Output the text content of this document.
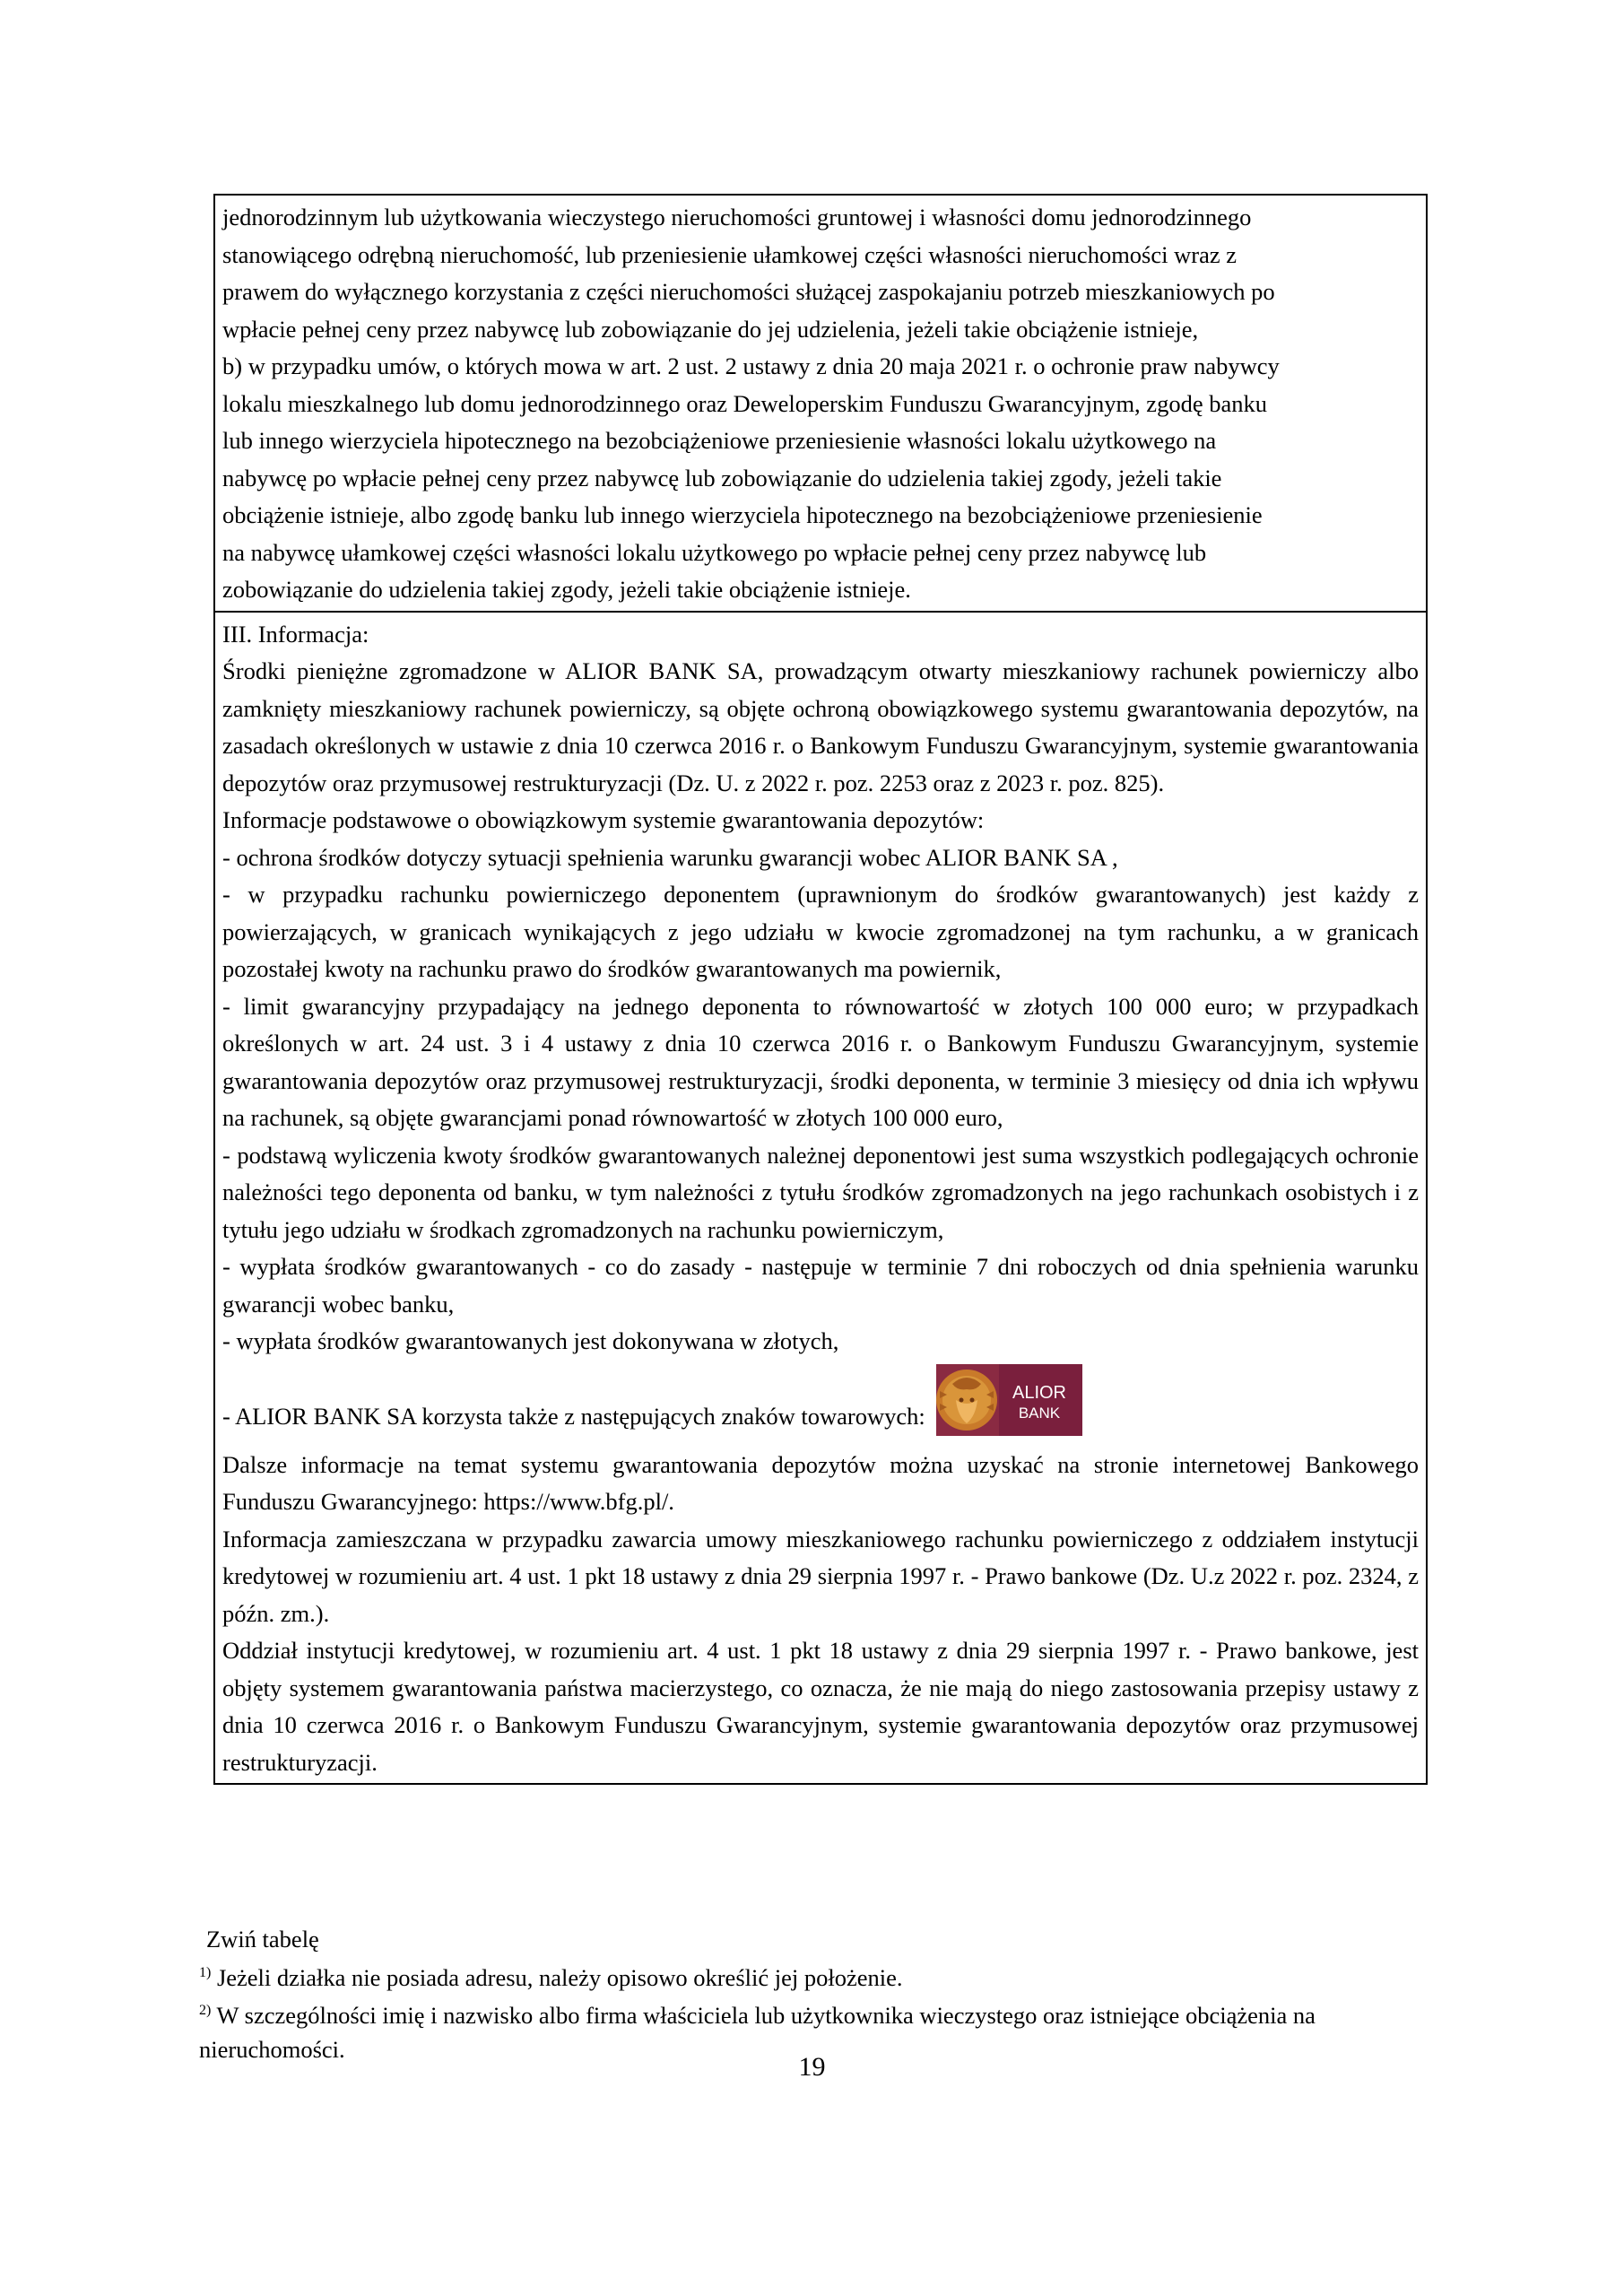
jednorodzinnym lub użytkowania wieczystego nieruchomości gruntowej i własności domu jednorodzinnego

stanowiącego odrębną nieruchomość, lub przeniesienie ułamkowej części własności nieruchomości wraz z

prawem do wyłącznego korzystania z części nieruchomości służącej zaspokajaniu potrzeb mieszkaniowych po

wpłacie pełnej ceny przez nabywcę lub zobowiązanie do jej udzielenia, jeżeli takie obciążenie istnieje,

b) w przypadku umów, o których mowa w art. 2 ust. 2 ustawy z dnia 20 maja 2021 r. o ochronie praw nabywcy

lokalu mieszkalnego lub domu jednorodzinnego oraz Deweloperskim Funduszu Gwarancyjnym, zgodę banku

lub innego wierzyciela hipotecznego na bezobciążeniowe przeniesienie własności lokalu użytkowego na

nabywcę po wpłacie pełnej ceny przez nabywcę lub zobowiązanie do udzielenia takiej zgody, jeżeli takie

obciążenie istnieje, albo zgodę banku lub innego wierzyciela hipotecznego na bezobciążeniowe przeniesienie

na nabywcę ułamkowej części własności lokalu użytkowego po wpłacie pełnej ceny przez nabywcę lub

zobowiązanie do udzielenia takiej zgody, jeżeli takie obciążenie istnieje.

III. Informacja:

Środki pieniężne zgromadzone w ALIOR BANK SA, prowadzącym otwarty mieszkaniowy rachunek powierniczy albo zamknięty mieszkaniowy rachunek powierniczy, są objęte ochroną obowiązkowego systemu gwarantowania depozytów, na zasadach określonych w ustawie z dnia 10 czerwca 2016 r. o Bankowym Funduszu Gwarancyjnym, systemie gwarantowania depozytów oraz przymusowej restrukturyzacji (Dz. U. z 2022 r. poz. 2253 oraz z 2023 r. poz. 825).

Informacje podstawowe o obowiązkowym systemie gwarantowania depozytów:

- ochrona środków dotyczy sytuacji spełnienia warunku gwarancji wobec ALIOR BANK SA ,

- w przypadku rachunku powierniczego deponentem (uprawnionym do środków gwarantowanych) jest każdy z powierzających, w granicach wynikających z jego udziału w kwocie zgromadzonej na tym rachunku, a w granicach pozostałej kwoty na rachunku prawo do środków gwarantowanych ma powiernik,

- limit gwarancyjny przypadający na jednego deponenta to równowartość w złotych 100 000 euro; w przypadkach określonych w art. 24 ust. 3 i 4 ustawy z dnia 10 czerwca 2016 r. o Bankowym Funduszu Gwarancyjnym, systemie gwarantowania depozytów oraz przymusowej restrukturyzacji, środki deponenta, w terminie 3 miesięcy od dnia ich wpływu na rachunek, są objęte gwarancjami ponad równowartość w złotych 100 000 euro,

- podstawą wyliczenia kwoty środków gwarantowanych należnej deponentowi jest suma wszystkich podlegających ochronie należności tego deponenta od banku, w tym należności z tytułu środków zgromadzonych na jego rachunkach osobistych i z tytułu jego udziału w środkach zgromadzonych na rachunku powierniczym,

- wypłata środków gwarantowanych - co do zasady - następuje w terminie 7 dni roboczych od dnia spełnienia warunku gwarancji wobec banku,

- wypłata środków gwarantowanych jest dokonywana w złotych,

- ALIOR BANK SA korzysta także z następujących znaków towarowych:
ALIOR
BANK

Dalsze informacje na temat systemu gwarantowania depozytów można uzyskać na stronie internetowej Bankowego Funduszu Gwarancyjnego: https://www.bfg.pl/.

Informacja zamieszczana w przypadku zawarcia umowy mieszkaniowego rachunku powierniczego z oddziałem instytucji kredytowej w rozumieniu art. 4 ust. 1 pkt 18 ustawy z dnia 29 sierpnia 1997 r. - Prawo bankowe (Dz. U.z 2022 r. poz. 2324, z późn. zm.).

Oddział instytucji kredytowej, w rozumieniu art. 4 ust. 1 pkt 18 ustawy z dnia 29 sierpnia 1997 r. - Prawo bankowe, jest objęty systemem gwarantowania państwa macierzystego, co oznacza, że nie mają do niego zastosowania przepisy ustawy z dnia 10 czerwca 2016 r. o Bankowym Funduszu Gwarancyjnym, systemie gwarantowania depozytów oraz przymusowej restrukturyzacji.

Zwiń tabelę

$^{1)}$ Jeżeli działka nie posiada adresu, należy opisowo określić jej położenie.

$^{2)}$ W szczególności imię i nazwisko albo firma właściciela lub użytkownika wieczystego oraz istniejące obciążenia na nieruchomości.

19
